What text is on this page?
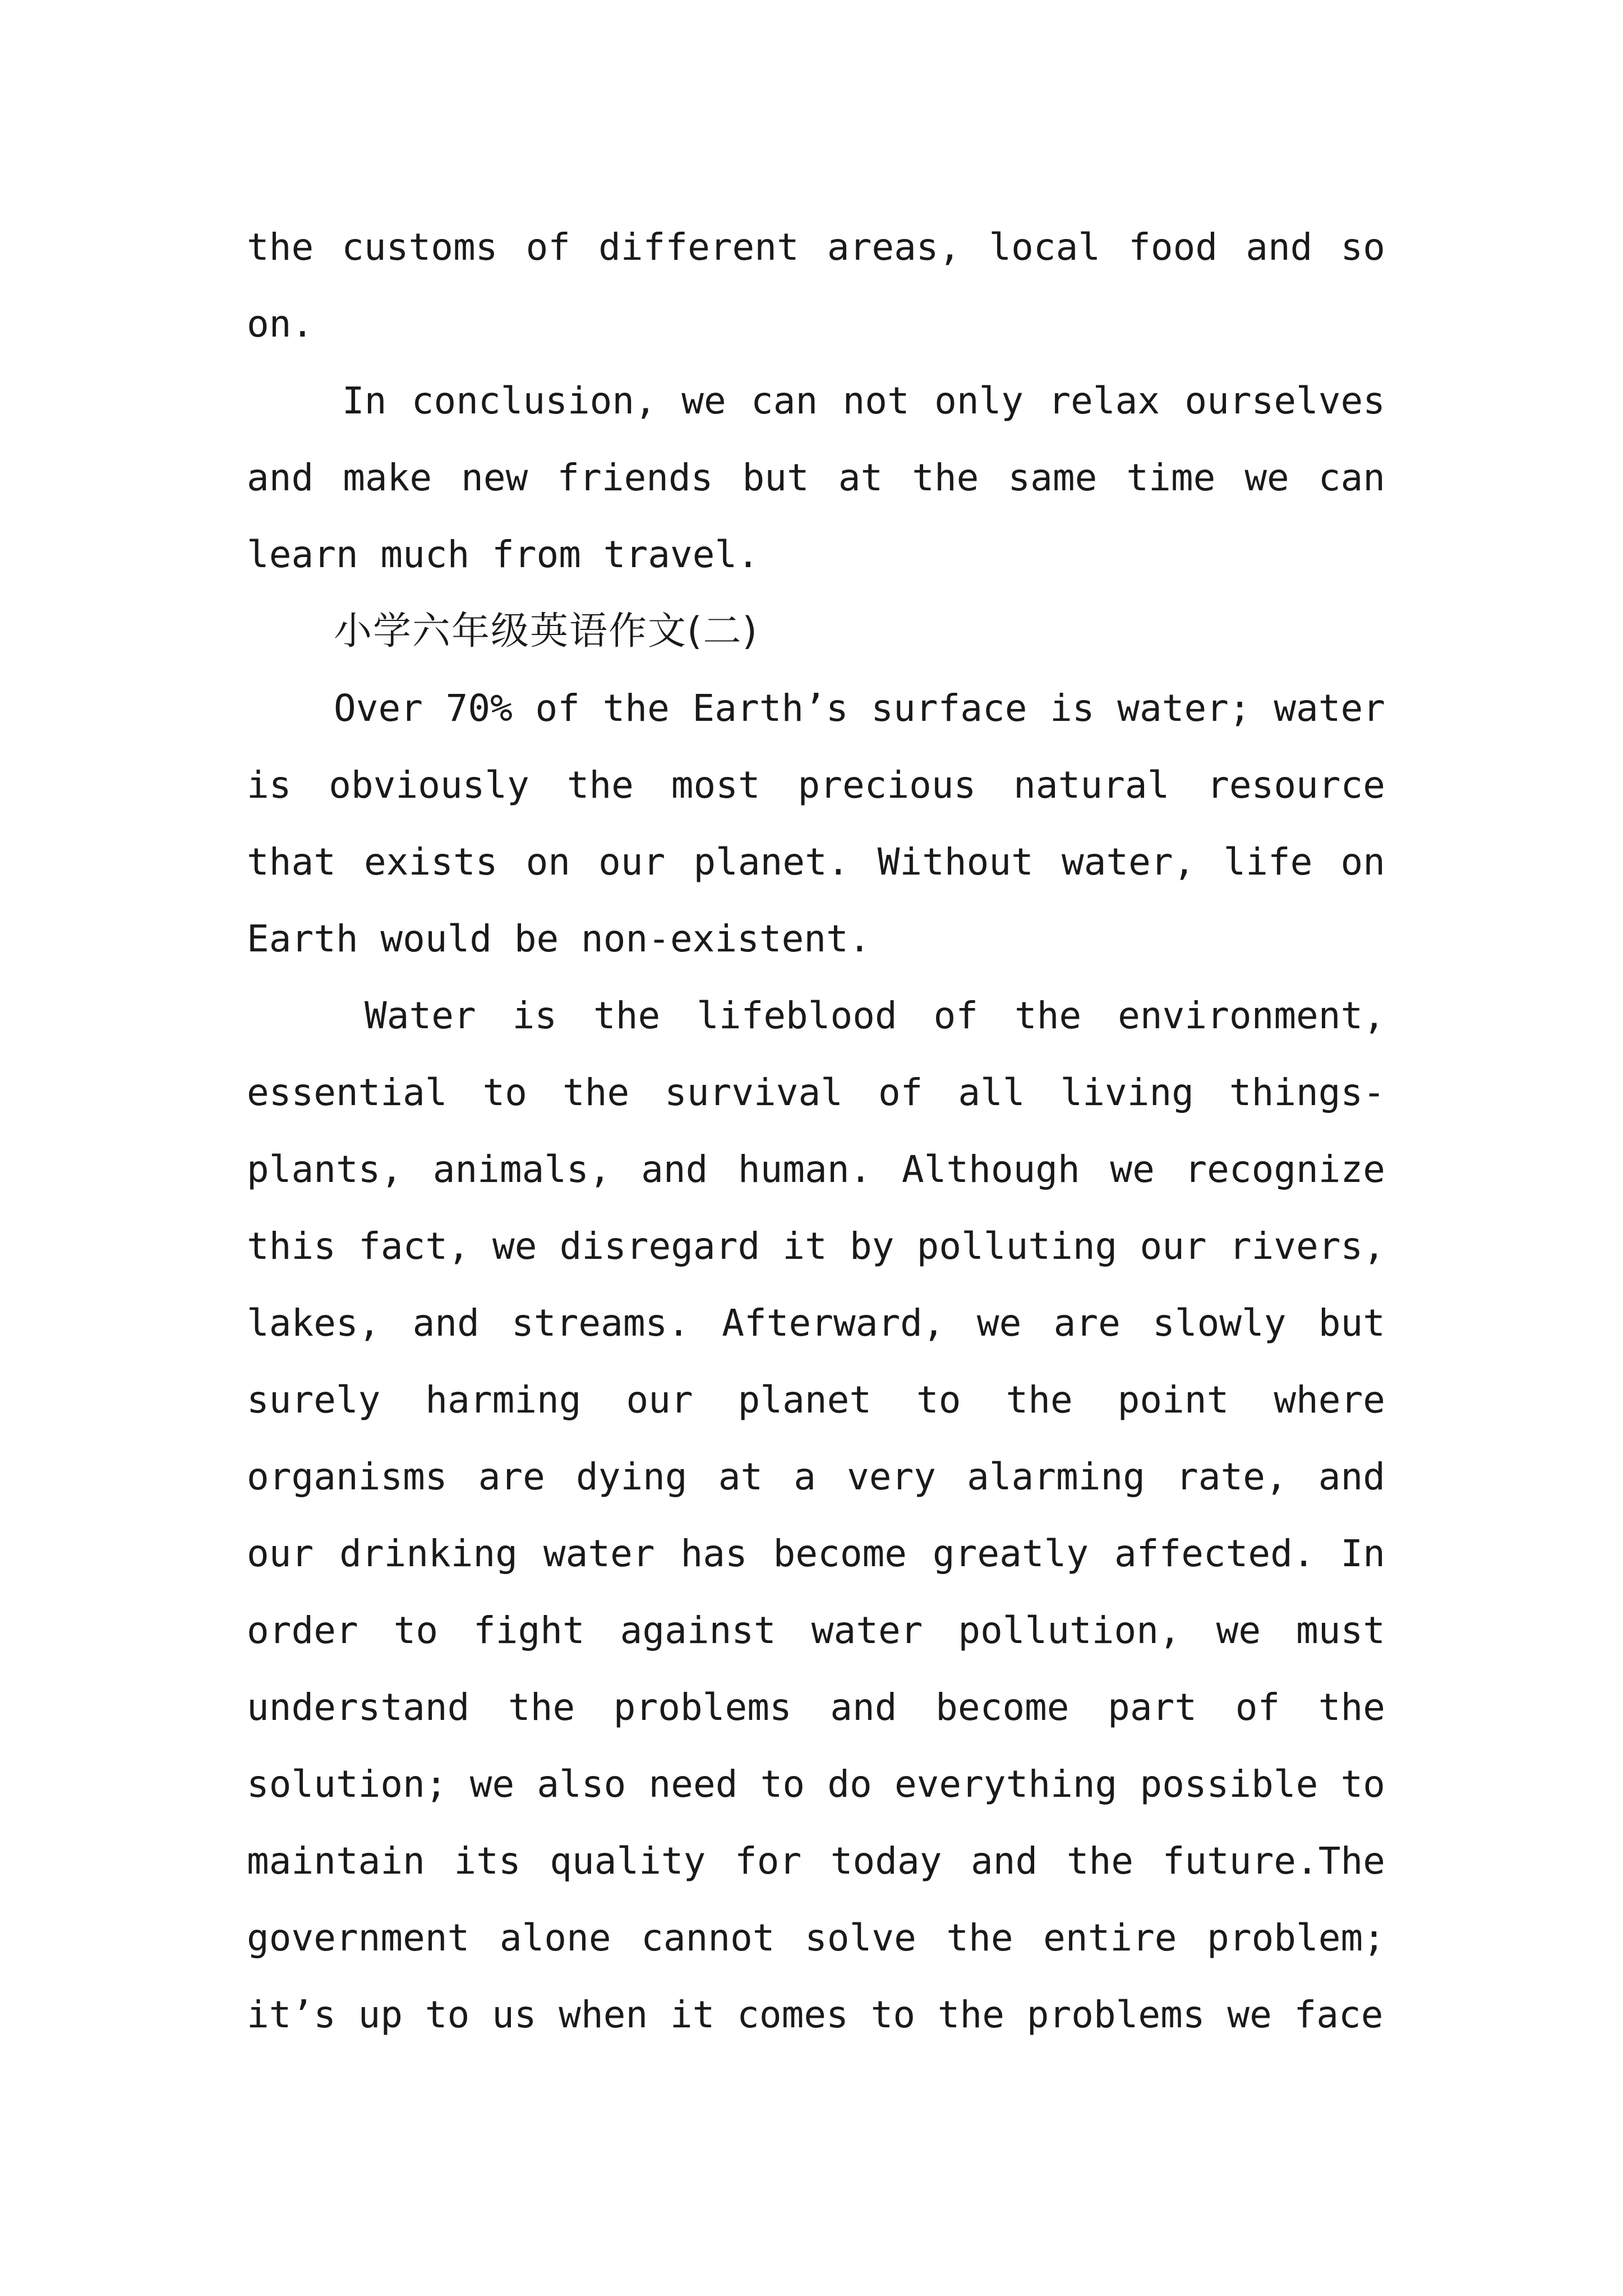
the customs of different areas, local food and so on.

In conclusion, we can not only relax ourselves and make new friends but at the same time we can learn much from travel.

小学六年级英语作文(二)

Over 70% of the Earth’s surface is water; water is obviously the most precious natural resource that exists on our planet. Without water, life on Earth would be non-existent.

Water is the lifeblood of the environment, essential to the survival of all living things-plants, animals, and human. Although we recognize this fact, we disregard it by polluting our rivers, lakes, and streams. Afterward, we are slowly but surely harming our planet to the point where organisms are dying at a very alarming rate, and our drinking water has become greatly affected. In order to fight against water pollution, we must understand the problems and become part of the solution; we also need to do everything possible to maintain its quality for today and the future.The government alone cannot solve the entire problem; it’s up to us when it comes to the problems we face
